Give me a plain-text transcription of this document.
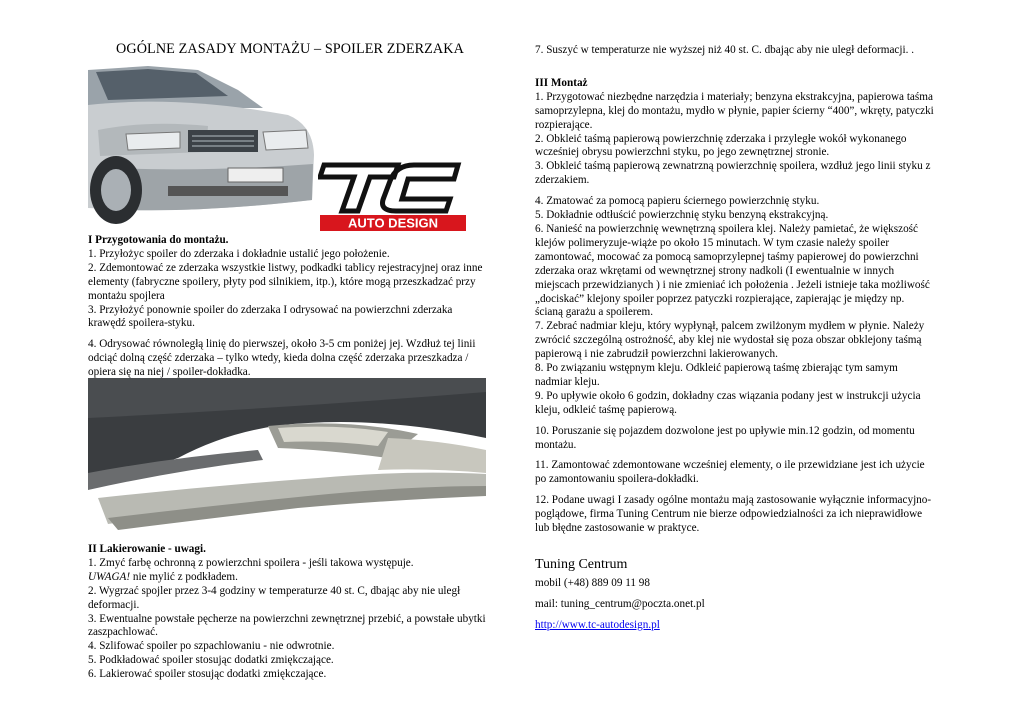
OGÓLNE ZASADY MONTAŻU – SPOILER ZDERZAKA

AUTO DESIGN

I Przygotowania do montażu.

1. Przyłożyc spoiler do zderzaka i dokładnie ustalić jego położenie.

2. Zdemontować ze zderzaka wszystkie listwy, podkadki tablicy rejestracyjnej oraz inne elementy (fabryczne spoilery, płyty pod silnikiem, itp.), które mogą przeszkadzać przy montażu spojlera

3. Przyłożyć ponownie spoiler do zderzaka I odrysować na powierzchni zderzaka krawędź spoilera-styku.

4. Odrysować równoległą linię do pierwszej, około 3-5 cm poniżej jej. Wzdłuż tej linii odciąć dolną część zderzaka – tylko wtedy, kieda dolna część zderzaka przeszkadza / opiera się na niej / spoiler-dokładka.

II Lakierowanie - uwagi.

1. Zmyć farbę ochronną z powierzchni spoilera - jeśli takowa występuje.

UWAGA! nie mylić z podkładem.

2. Wygrzać spojler przez 3-4 godziny w temperaturze 40 st. C, dbając aby nie uległ deformacji.

3. Ewentualne powstałe pęcherze na powierzchni zewnętrznej przebić, a powstałe ubytki zaszpachlować.

4. Szlifować spoiler po szpachlowaniu - nie odwrotnie.

5. Podkładować spoiler stosując dodatki zmiękczające.

6. Lakierować spoiler stosując dodatki zmiękczające.

7. Suszyć w temperaturze nie wyższej niż 40 st. C. dbając aby nie uległ deformacji. .

III Montaż

1. Przygotować niezbędne narzędzia i materiały; benzyna ekstrakcyjna, papierowa taśma samoprzylepna, klej do montażu, mydło w płynie, papier ścierny “400”, wkręty, patyczki rozpierające.

2. Obkleić taśmą papierową powierzchnię zderzaka i przyległe wokół wykonanego wcześniej obrysu powierzchni styku, po jego zewnętrznej stronie.

3. Obkleić taśmą papierową zewnatrzną powierzchnię spoilera, wzdłuż jego linii styku z zderzakiem.

4. Zmatować za pomocą papieru ściernego powierzchnię styku.

5. Dokładnie odtłuścić powierzchnię styku benzyną ekstrakcyjną.

6. Nanieść na powierzchnię wewnętrzną spoilera klej. Należy pamietać, że większość klejów polimeryzuje-wiąże po około 15 minutach. W tym czasie należy spoiler zamontować, mocować za pomocą samoprzylepnej taśmy papierowej do powierzchni zderzaka oraz wkrętami od wewnętrznej strony nadkoli (I ewentualnie w innych miejscach przewidzianych ) i nie zmieniać ich położenia . Jeżeli istnieje taka możliwość „dociskać” klejony spoiler poprzez patyczki rozpierające, zapierając je między np. ścianą garażu a spoilerem.

7. Zebrać nadmiar kleju, który wypłynął, palcem zwilżonym mydłem w płynie. Należy zwrócić szczególną ostrożność, aby klej nie wydostał się poza obszar obklejony taśmą papierową i nie zabrudził powierzchni lakierowanych.

8. Po związaniu wstępnym kleju. Odkleić papierową taśmę zbierając tym samym nadmiar kleju.

9. Po upływie około 6 godzin, dokładny czas wiązania podany jest w instrukcji użycia kleju, odkleić taśmę papierową.

10. Poruszanie się pojazdem dozwolone jest po upływie min.12 godzin, od momentu montażu.

11. Zamontować zdemontowane wcześniej elementy, o ile przewidziane jest ich użycie po zamontowaniu spoilera-dokładki.

12. Podane uwagi I zasady ogólne montażu mają zastosowanie wyłącznie informacyjno-poglądowe, firma Tuning Centrum nie bierze odpowiedzialności za ich nieprawidłowe lub błędne zastosowanie w praktyce.

Tuning Centrum

mobil (+48) 889 09 11 98

mail: tuning_centrum@poczta.onet.pl

http://www.tc-autodesign.pl
